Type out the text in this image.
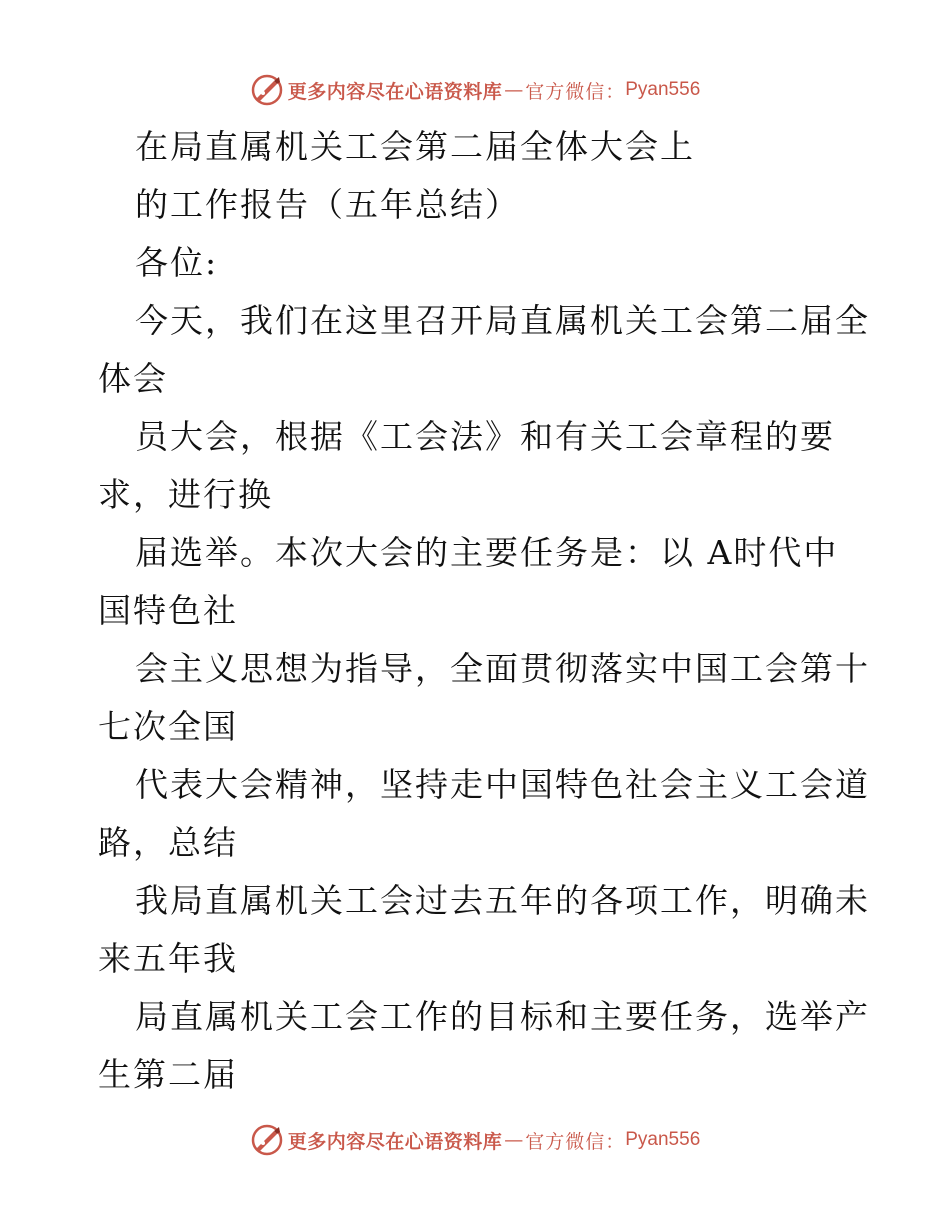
更多内容尽在心语资料库 — 官方微信： Pyan556
在局直属机关工会第二届全体大会上
的工作报告（五年总结）
各位:
今天，我们在这里召开局直属机关工会第二届全
体会
员大会，根据《工会法》和有关工会章程的要
求，进行换
届选举。本次大会的主要任务是：以 A时代中
国特色社
会主义思想为指导，全面贯彻落实中国工会第十
七次全国
代表大会精神，坚持走中国特色社会主义工会道
路，总结
我局直属机关工会过去五年的各项工作，明确未
来五年我
局直属机关工会工作的目标和主要任务，选举产
生第二届
更多内容尽在心语资料库 — 官方微信： Pyan556
